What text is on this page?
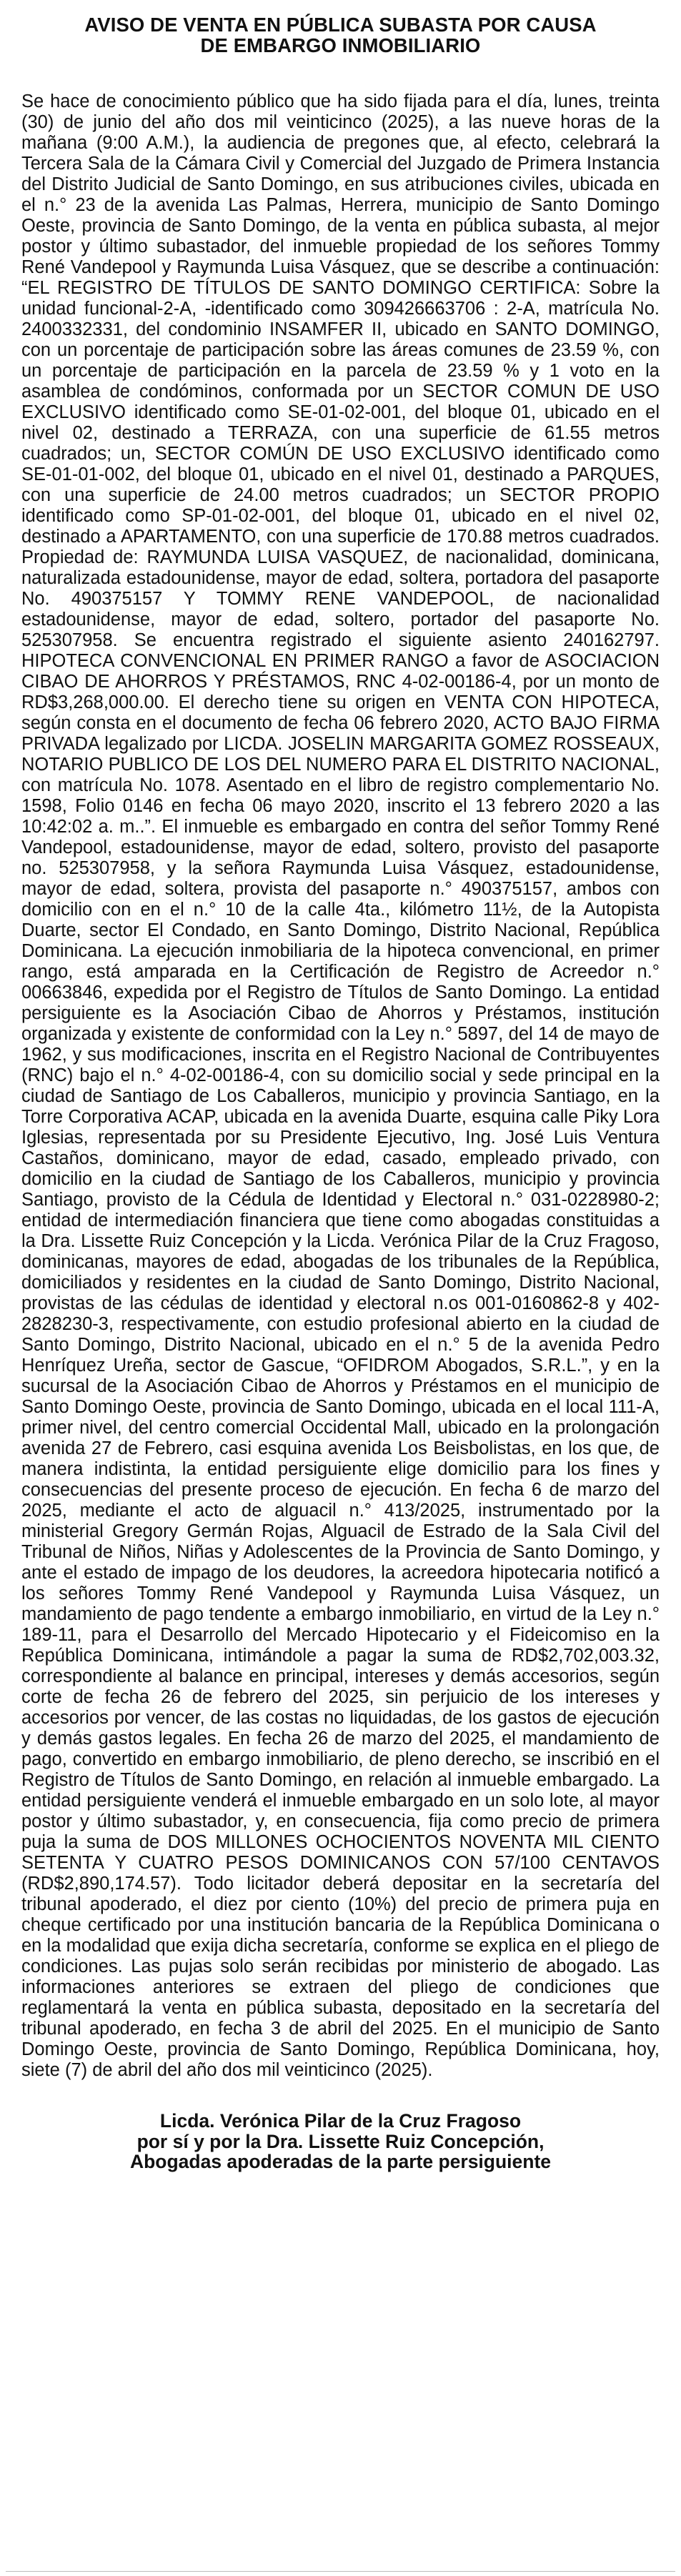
AVISO DE VENTA EN PÚBLICA SUBASTA POR CAUSA
DE EMBARGO INMOBILIARIO

Se hace de conocimiento público que ha sido fijada para el día, lunes, treinta (30) de junio del año dos mil veinticinco (2025), a las nueve horas de la mañana (9:00 A.M.), la audiencia de pregones que, al efecto, celebrará la Tercera Sala de la Cámara Civil y Comercial del Juzgado de Primera Instancia del Distrito Judicial de Santo Domingo, en sus atribuciones civiles, ubicada en el n.° 23 de la avenida Las Palmas, Herrera, municipio de Santo Domingo Oeste, provincia de Santo Domingo, de la venta en pública subasta, al mejor postor y último subastador, del inmueble propiedad de los señores Tommy René Vandepool y Raymunda Luisa Vásquez, que se describe a continuación: “EL REGISTRO DE TÍTULOS DE SANTO DOMINGO CERTIFICA: Sobre la unidad funcional-2-A, -identificado como 309426663706 : 2-A, matrícula No. 2400332331, del condominio INSAMFER II, ubicado en SANTO DOMINGO, con un porcentaje de participación sobre las áreas comunes de 23.59 %, con un porcentaje de participación en la parcela de 23.59 % y 1 voto en la asamblea de condóminos, conformada por un SECTOR COMUN DE USO EXCLUSIVO identificado como SE-01-02-001, del bloque 01, ubicado en el nivel 02, destinado a TERRAZA, con una superficie de 61.55 metros cuadrados; un, SECTOR COMÚN DE USO EXCLUSIVO identificado como SE-01-01-002, del bloque 01, ubicado en el nivel 01, destinado a PARQUES, con una superficie de 24.00 metros cuadrados; un SECTOR PROPIO identificado como SP-01-02-001, del bloque 01, ubicado en el nivel 02, destinado a APARTAMENTO, con una superficie de 170.88 metros cuadrados. Propiedad de: RAYMUNDA LUISA VASQUEZ, de nacionalidad, dominicana, naturalizada estadounidense, mayor de edad, soltera, portadora del pasaporte No. 490375157 Y TOMMY RENE VANDEPOOL, de nacionalidad estadounidense, mayor de edad, soltero, portador del pasaporte No. 525307958. Se encuentra registrado el siguiente asiento 240162797. HIPOTECA CONVENCIONAL EN PRIMER RANGO a favor de ASOCIACION CIBAO DE AHORROS Y PRÉSTAMOS, RNC 4-02-00186-4, por un monto de RD$3,268,000.00. El derecho tiene su origen en VENTA CON HIPOTECA, según consta en el documento de fecha 06 febrero 2020, ACTO BAJO FIRMA PRIVADA legalizado por LICDA. JOSELIN MARGARITA GOMEZ ROSSEAUX, NOTARIO PUBLICO DE LOS DEL NUMERO PARA EL DISTRITO NACIONAL, con matrícula No. 1078. Asentado en el libro de registro complementario No. 1598, Folio 0146 en fecha 06 mayo 2020, inscrito el 13 febrero 2020 a las 10:42:02 a. m..”. El inmueble es embargado en contra del señor Tommy René Vandepool, estadounidense, mayor de edad, soltero, provisto del pasaporte no. 525307958, y la señora Raymunda Luisa Vásquez, estadounidense, mayor de edad, soltera, provista del pasaporte n.° 490375157, ambos con domicilio con en el n.° 10 de la calle 4ta., kilómetro 11½, de la Autopista Duarte, sector El Condado, en Santo Domingo, Distrito Nacional, República Dominicana. La ejecución inmobiliaria de la hipoteca convencional, en primer rango, está amparada en la Certificación de Registro de Acreedor n.° 00663846, expedida por el Registro de Títulos de Santo Domingo. La entidad persiguiente es la Asociación Cibao de Ahorros y Préstamos, institución organizada y existente de conformidad con la Ley n.° 5897, del 14 de mayo de 1962, y sus modificaciones, inscrita en el Registro Nacional de Contribuyentes (RNC) bajo el n.° 4-02-00186-4, con su domicilio social y sede principal en la ciudad de Santiago de Los Caballeros, municipio y provincia Santiago, en la Torre Corporativa ACAP, ubicada en la avenida Duarte, esquina calle Piky Lora Iglesias, representada por su Presidente Ejecutivo, Ing. José Luis Ventura Castaños, dominicano, mayor de edad, casado, empleado privado, con domicilio en la ciudad de Santiago de los Caballeros, municipio y provincia Santiago, provisto de la Cédula de Identidad y Electoral n.° 031-0228980-2; entidad de intermediación financiera que tiene como abogadas constituidas a la Dra. Lissette Ruiz Concepción y la Licda. Verónica Pilar de la Cruz Fragoso, dominicanas, mayores de edad, abogadas de los tribunales de la República, domiciliados y residentes en la ciudad de Santo Domingo, Distrito Nacional, provistas de las cédulas de identidad y electoral n.os 001-0160862-8 y 402-2828230-3, respectivamente, con estudio profesional abierto en la ciudad de Santo Domingo, Distrito Nacional, ubicado en el n.° 5 de la avenida Pedro Henríquez Ureña, sector de Gascue, “OFIDROM Abogados, S.R.L.”, y en la sucursal de la Asociación Cibao de Ahorros y Préstamos en el municipio de Santo Domingo Oeste, provincia de Santo Domingo, ubicada en el local 111-A, primer nivel, del centro comercial Occidental Mall, ubicado en la prolongación avenida 27 de Febrero, casi esquina avenida Los Beisbolistas, en los que, de manera indistinta, la entidad persiguiente elige domicilio para los fines y consecuencias del presente proceso de ejecución. En fecha 6 de marzo del 2025, mediante el acto de alguacil n.° 413/2025, instrumentado por la ministerial Gregory Germán Rojas, Alguacil de Estrado de la Sala Civil del Tribunal de Niños, Niñas y Adolescentes de la Provincia de Santo Domingo, y ante el estado de impago de los deudores, la acreedora hipotecaria notificó a los señores Tommy René Vandepool y Raymunda Luisa Vásquez, un mandamiento de pago tendente a embargo inmobiliario, en virtud de la Ley n.° 189-11, para el Desarrollo del Mercado Hipotecario y el Fideicomiso en la República Dominicana, intimándole a pagar la suma de RD$2,702,003.32, correspondiente al balance en principal, intereses y demás accesorios, según corte de fecha 26 de febrero del 2025, sin perjuicio de los intereses y accesorios por vencer, de las costas no liquidadas, de los gastos de ejecución y demás gastos legales. En fecha 26 de marzo del 2025, el mandamiento de pago, convertido en embargo inmobiliario, de pleno derecho, se inscribió en el Registro de Títulos de Santo Domingo, en relación al inmueble embargado. La entidad persiguiente venderá el inmueble embargado en un solo lote, al mayor postor y último subastador, y, en consecuencia, fija como precio de primera puja la suma de DOS MILLONES OCHOCIENTOS NOVENTA MIL CIENTO SETENTA Y CUATRO PESOS DOMINICANOS CON 57/100 CENTAVOS (RD$2,890,174.57). Todo licitador deberá depositar en la secretaría del tribunal apoderado, el diez por ciento (10%) del precio de primera puja en cheque certificado por una institución bancaria de la República Dominicana o en la modalidad que exija dicha secretaría, conforme se explica en el pliego de condiciones. Las pujas solo serán recibidas por ministerio de abogado. Las informaciones anteriores se extraen del pliego de condiciones que reglamentará la venta en pública subasta, depositado en la secretaría del tribunal apoderado, en fecha 3 de abril del 2025. En el municipio de Santo Domingo Oeste, provincia de Santo Domingo, República Dominicana, hoy, siete (7) de abril del año dos mil veinticinco (2025).

Licda. Verónica Pilar de la Cruz Fragoso
por sí y por la Dra. Lissette Ruiz Concepción,
Abogadas apoderadas de la parte persiguiente
